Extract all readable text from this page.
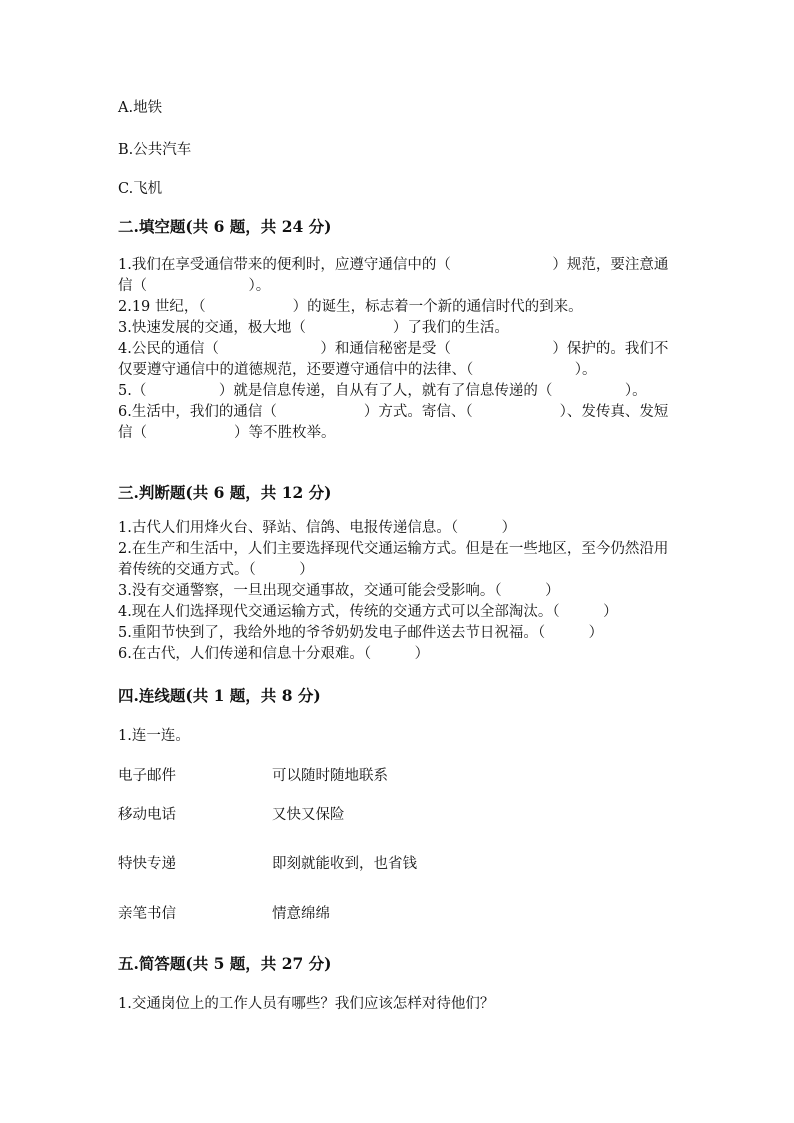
A.地铁
B.公共汽车
C.飞机
二.填空题(共 6 题，共 24 分)
1.我们在享受通信带来的便利时，应遵守通信中的（　　　　　　　）规范，要注意通信（　　　　　　　）。
2.19 世纪，（　　　　　　）的诞生，标志着一个新的通信时代的到来。
3.快速发展的交通，极大地（　　　　　　）了我们的生活。
4.公民的通信（　　　　　　　）和通信秘密是受（　　　　　　　）保护的。我们不仅要遵守通信中的道德规范，还要遵守通信中的法律、（　　　　　　　）。
5.（　　　　　）就是信息传递，自从有了人，就有了信息传递的（　　　　　）。
6.生活中，我们的通信（　　　　　　）方式。寄信、（　　　　　　）、发传真、发短信（　　　　　　）等不胜枚举。
三.判断题(共 6 题，共 12 分)
1.古代人们用烽火台、驿站、信鸽、电报传递信息。（　　　）
2.在生产和生活中，人们主要选择现代交通运输方式。但是在一些地区，至今仍然沿用着传统的交通方式。（　　　）
3.没有交通警察，一旦出现交通事故，交通可能会受影响。（　　　）
4.现在人们选择现代交通运输方式，传统的交通方式可以全部淘汰。（　　　）
5.重阳节快到了，我给外地的爷爷奶奶发电子邮件送去节日祝福。（　　　）
6.在古代，人们传递和信息十分艰难。（　　　）
四.连线题(共 1 题，共 8 分)
1.连一连。
电子邮件	可以随时随地联系
移动电话	又快又保险
特快专递	即刻就能收到，也省钱
亲笔书信	情意绵绵
五.简答题(共 5 题，共 27 分)
1.交通岗位上的工作人员有哪些？我们应该怎样对待他们？
